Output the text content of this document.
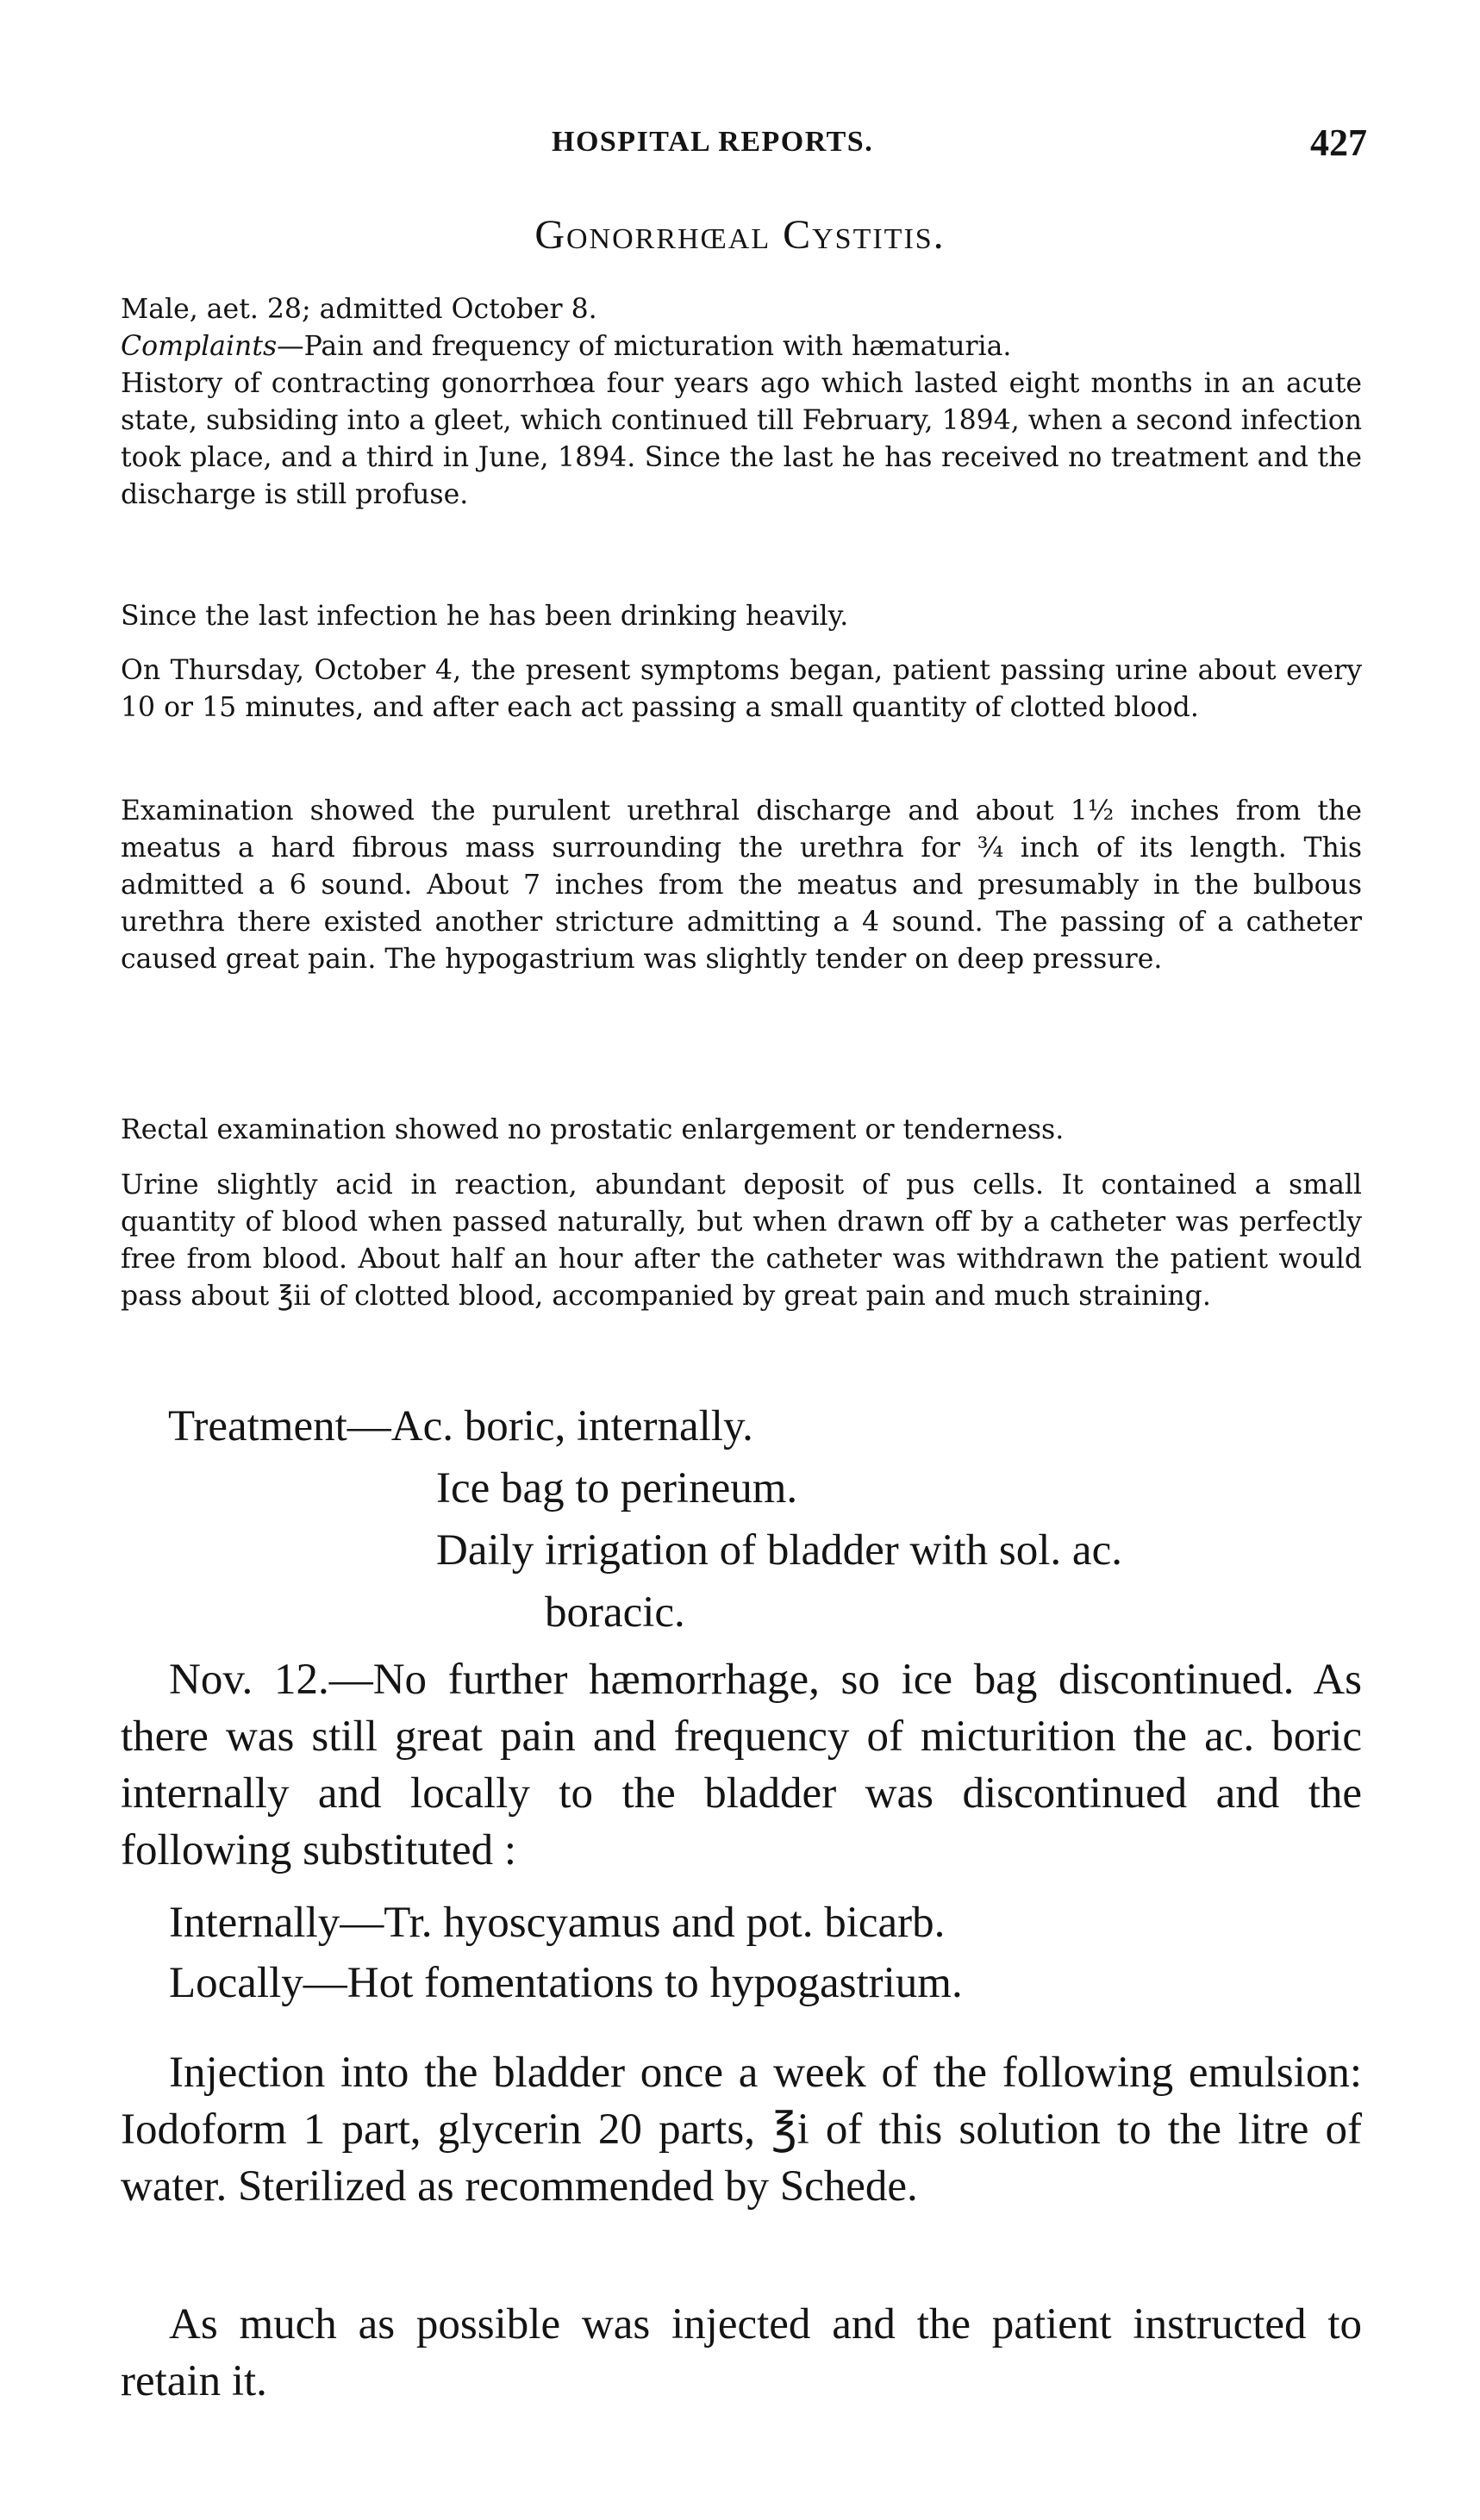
HOSPITAL REPORTS.	427

Gonorrhœal Cystitis.

Male, aet. 28; admitted October 8.

Complaints—Pain and frequency of micturation with hæmaturia.

History of contracting gonorrhœa four years ago which lasted eight months in an acute state, subsiding into a gleet, which continued till February, 1894, when a second infection took place, and a third in June, 1894. Since the last he has received no treatment and the discharge is still profuse.

Since the last infection he has been drinking heavily.

On Thursday, October 4, the present symptoms began, patient passing urine about every 10 or 15 minutes, and after each act passing a small quantity of clotted blood.

Examination showed the purulent urethral discharge and about 1½ inches from the meatus a hard fibrous mass surrounding the urethra for ¾ inch of its length. This admitted a 6 sound. About 7 inches from the meatus and presumably in the bulbous urethra there existed another stricture admitting a 4 sound. The passing of a catheter caused great pain. The hypogastrium was slightly tender on deep pressure.

Rectal examination showed no prostatic enlargement or tenderness.

Urine slightly acid in reaction, abundant deposit of pus cells. It contained a small quantity of blood when passed naturally, but when drawn off by a catheter was perfectly free from blood. About half an hour after the catheter was withdrawn the patient would pass about ℥ii of clotted blood, accompanied by great pain and much straining.

Treatment—Ac. boric, internally.
Ice bag to perineum.
Daily irrigation of bladder with sol. ac.
boracic.

Nov. 12.—No further hæmorrhage, so ice bag discontinued. As there was still great pain and frequency of micturition the ac. boric internally and locally to the bladder was discontinued and the following substituted :

Internally—Tr. hyoscyamus and pot. bicarb.

Locally—Hot fomentations to hypogastrium.

Injection into the bladder once a week of the following emulsion: Iodoform 1 part, glycerin 20 parts, ℥i of this solution to the litre of water. Sterilized as recommended by Schede.

As much as possible was injected and the patient instructed to retain it.
